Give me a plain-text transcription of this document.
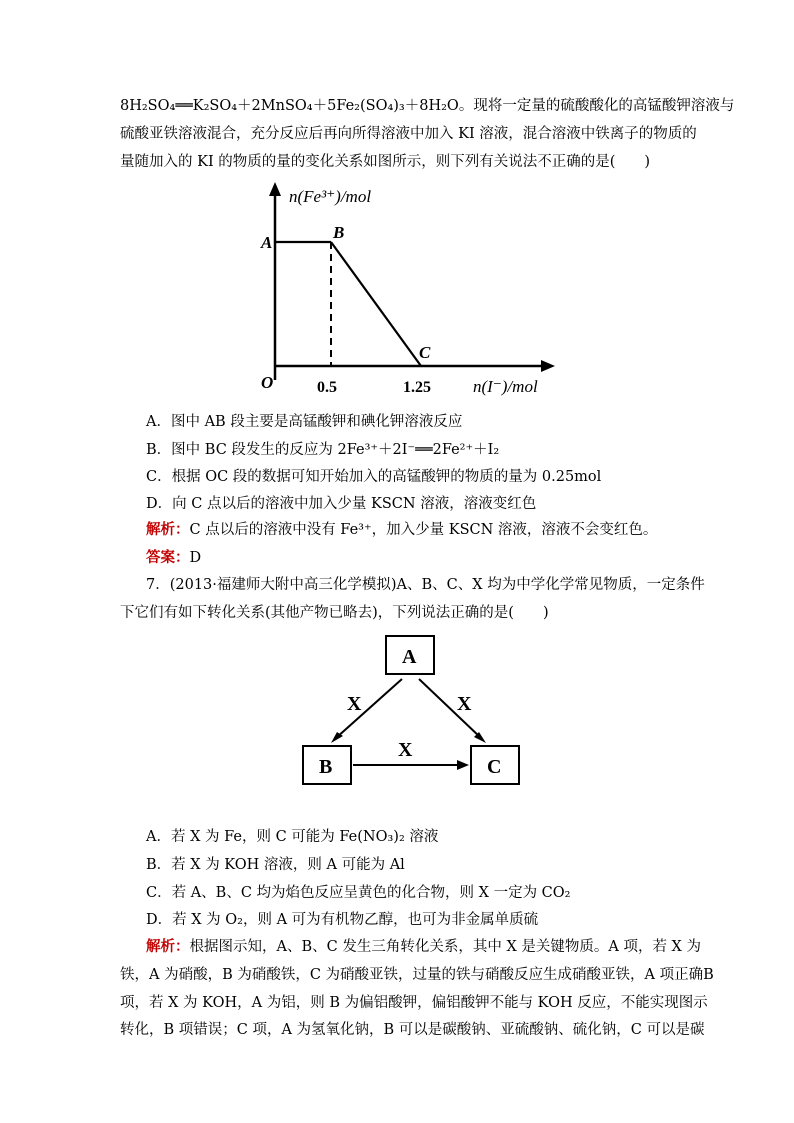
8H₂SO₄══K₂SO₄＋2MnSO₄＋5Fe₂(SO₄)₃＋8H₂O。现将一定量的硫酸酸化的高锰酸钾溶液与
硫酸亚铁溶液混合，充分反应后再向所得溶液中加入 KI 溶液，混合溶液中铁离子的物质的
量随加入的 KI 的物质的量的变化关系如图所示，则下列有关说法不正确的是(　　)
n(Fe³⁺)/mol
A
B
C
O	0.5	1.25 n(I⁻)/mol
A．图中 AB 段主要是高锰酸钾和碘化钾溶液反应
B．图中 BC 段发生的反应为 2Fe³⁺＋2I⁻══2Fe²⁺＋I₂
C．根据 OC 段的数据可知开始加入的高锰酸钾的物质的量为 0.25mol
D．向 C 点以后的溶液中加入少量 KSCN 溶液，溶液变红色
解析：C 点以后的溶液中没有 Fe³⁺，加入少量 KSCN 溶液，溶液不会变红色。
答案：D
7．(2013·福建师大附中高三化学模拟)A、B、C、X 均为中学化学常见物质，一定条件
下它们有如下转化关系(其他产物已略去)，下列说法正确的是(　　)
A
B	C
X	X
X
A．若 X 为 Fe，则 C 可能为 Fe(NO₃)₂ 溶液
B．若 X 为 KOH 溶液，则 A 可能为 Al
C．若 A、B、C 均为焰色反应呈黄色的化合物，则 X 一定为 CO₂
D．若 X 为 O₂，则 A 可为有机物乙醇，也可为非金属单质硫
解析：根据图示知，A、B、C 发生三角转化关系，其中 X 是关键物质。A 项，若 X 为
铁，A 为硝酸，B 为硝酸铁，C 为硝酸亚铁，过量的铁与硝酸反应生成硝酸亚铁，A 项正确B
项，若 X 为 KOH，A 为铝，则 B 为偏铝酸钾，偏铝酸钾不能与 KOH 反应，不能实现图示
转化，B 项错误；C 项，A 为氢氧化钠，B 可以是碳酸钠、亚硫酸钠、硫化钠，C 可以是碳
